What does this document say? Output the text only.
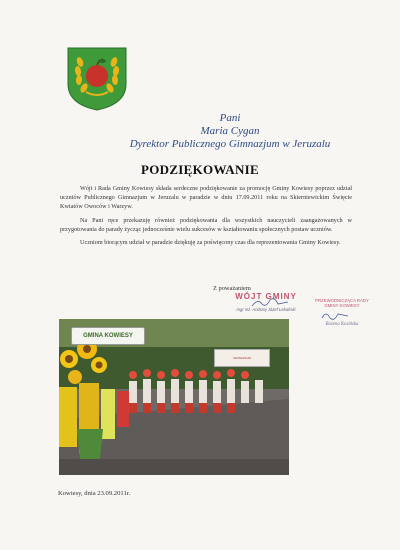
Pani
Maria Cygan
Dyrektor Publicznego Gimnazjum w Jeruzalu
PODZIĘKOWANIE

Wójt i Rada Gminy Kowiesy składa serdeczne podziękowanie za promocję Gminy Kowiesy poprzez udział uczniów Publicznego Gimnazjum w Jeruzalu w paradzie w dniu 17.09.2011 roku na Skierniewickim Święcie Kwiatów Owoców i Warzyw.

Na Pani ręce przekazuję również podziękowania dla wszystkich nauczycieli zaangażowanych w przygotowania do parady życząc jednocześnie wielu sukcesów w kształtowaniu społecznych postaw uczniów.

Uczniom biorącym udział w paradzie dziękuję za poświęcony czas dla reprezentowania Gminy Kowiesy.

Z poważaniem
WÓJT GMINY
mgr inż. Andrzej Józef Lekański
PRZEWODNICZĄCA RADY GMINY KOWIESY
Bożena Kosińska
GMINA KOWIESY
GIMNAZJUM
Kowiesy, dnia 23.09.2011r.
